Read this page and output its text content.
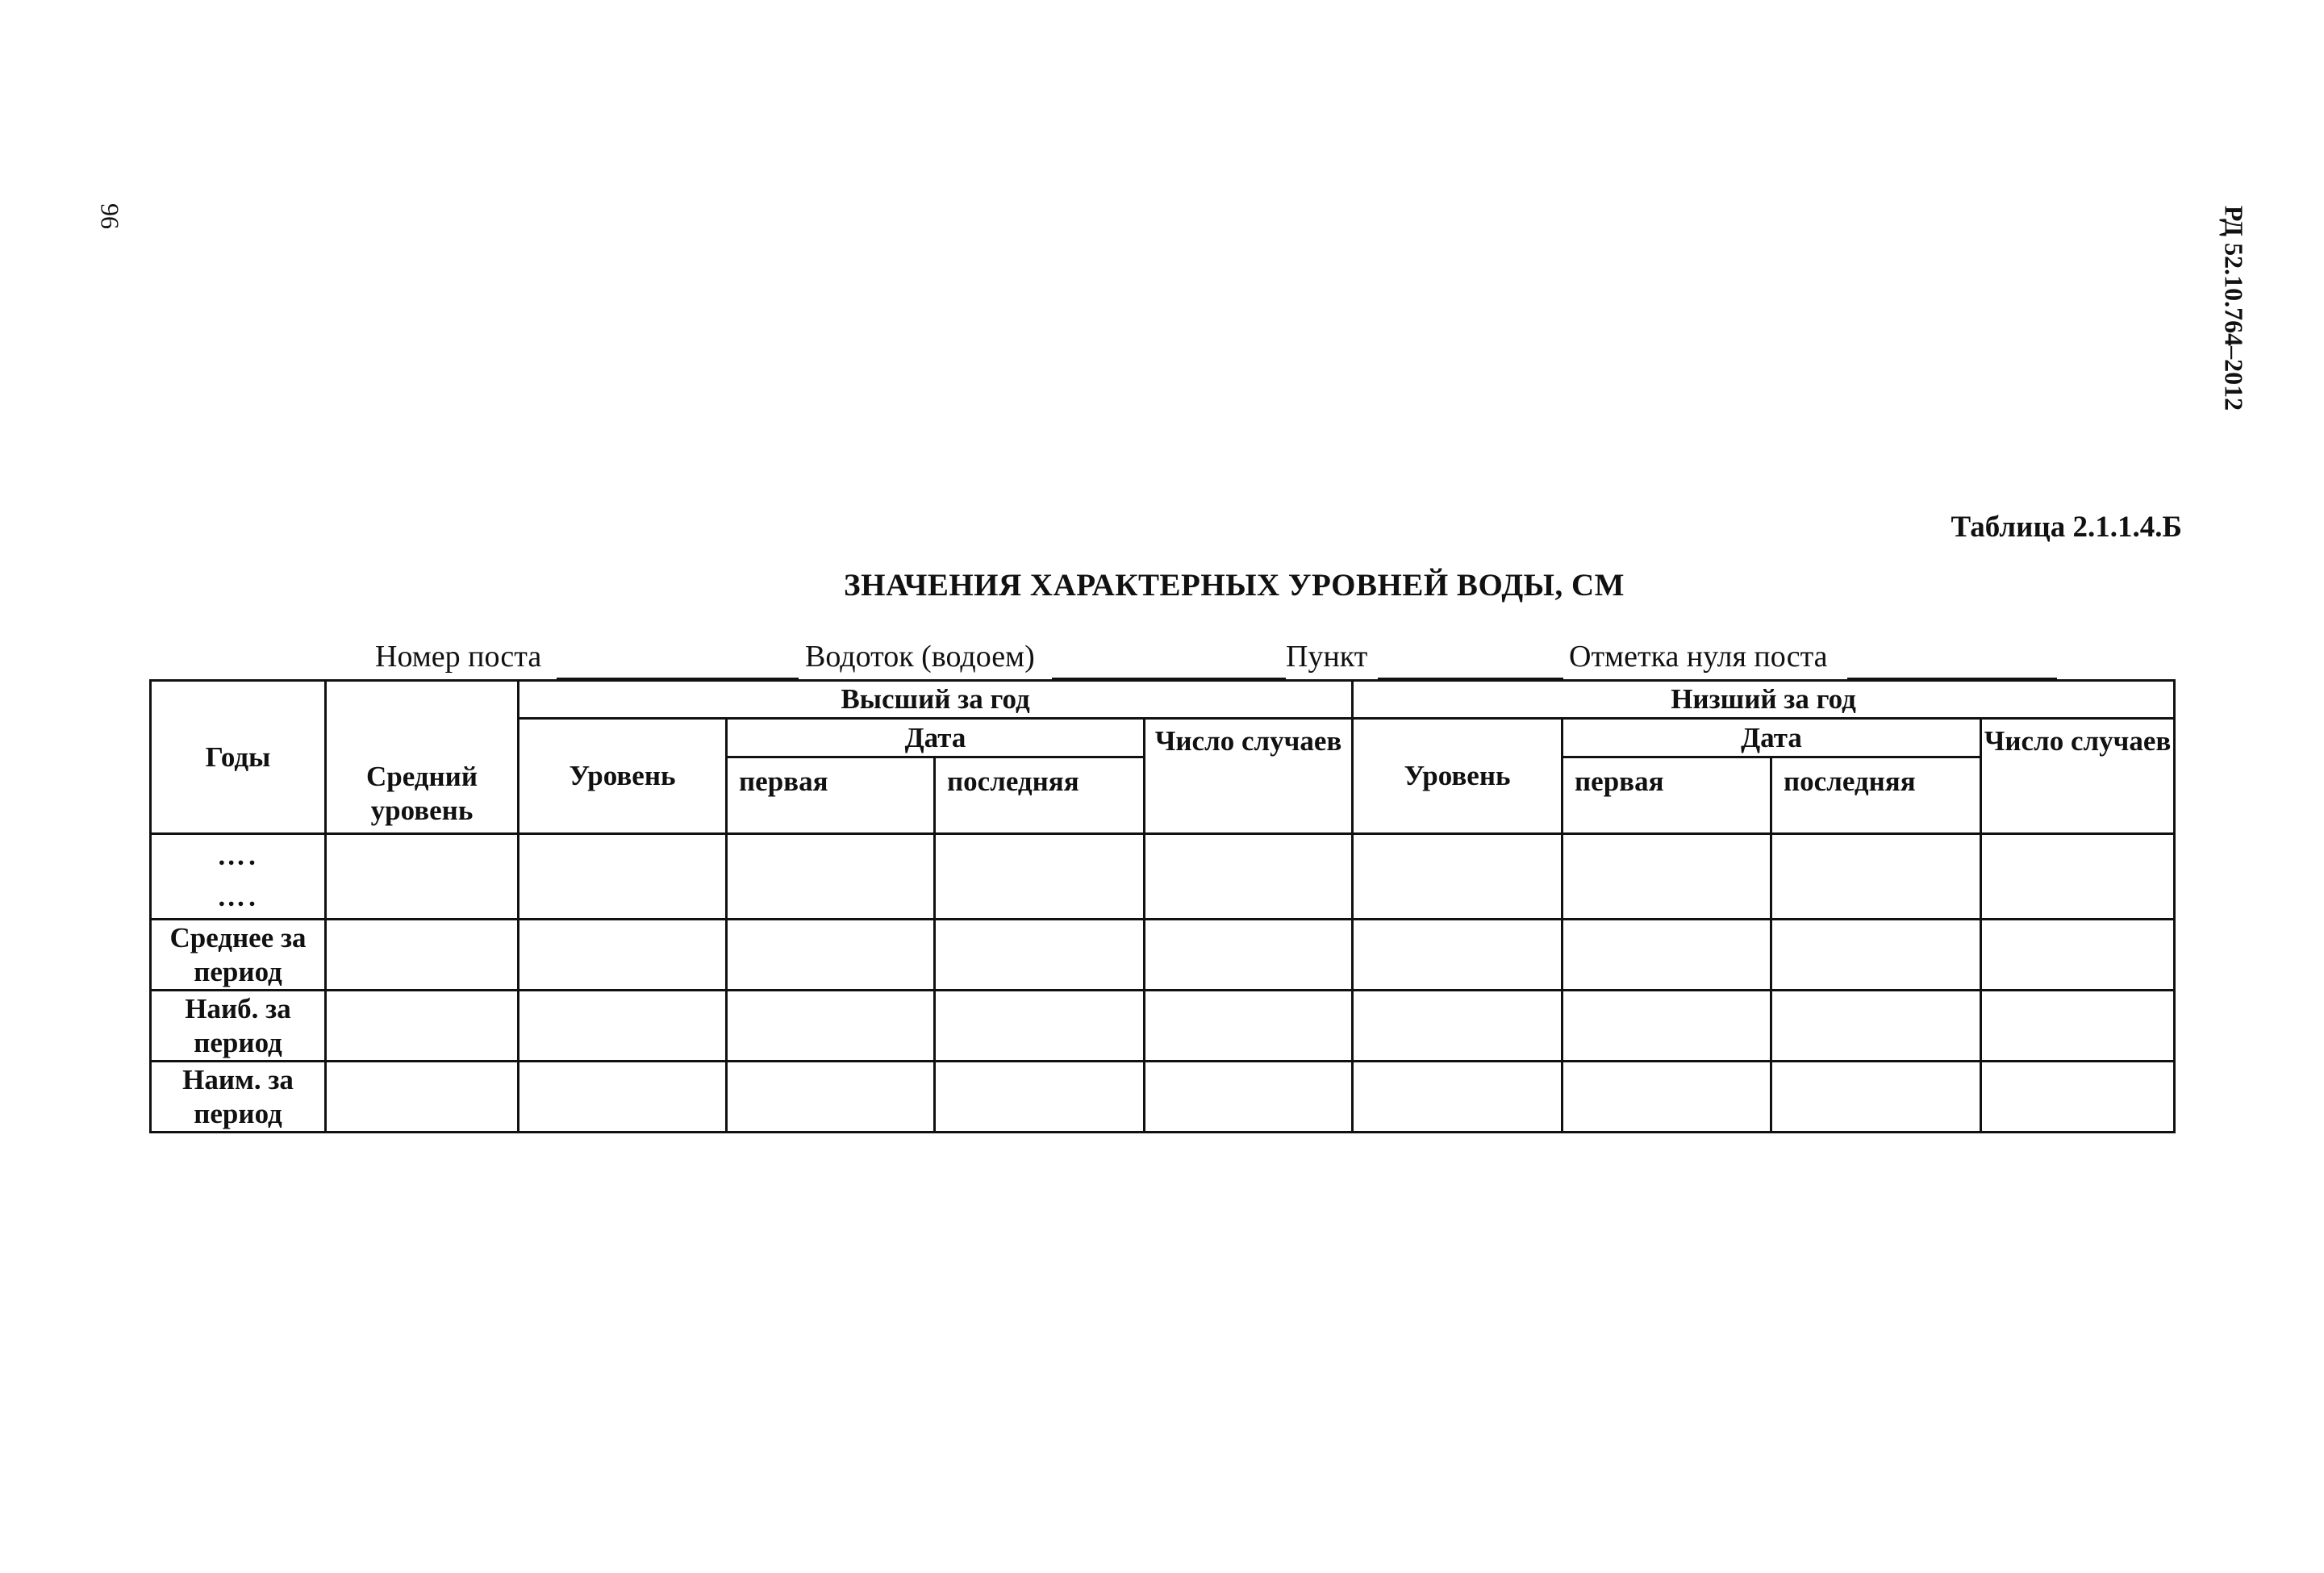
96	РД 52.10.764–2012
Таблица 2.1.1.4.Б
ЗНАЧЕНИЯ ХАРАКТЕРНЫХ УРОВНЕЙ ВОДЫ, СМ
Номер поста	Водоток (водоем)	Пункт	Отметка нуля поста
Годы	Средний уровень	Высший за год				Низший за год			
		Уровень	Дата		Число случаев	Уровень	Дата		Число случаев
			первая	последняя			первая	последняя	

….
….									

Среднее за период									
Наиб. за период									
Наим. за период									
